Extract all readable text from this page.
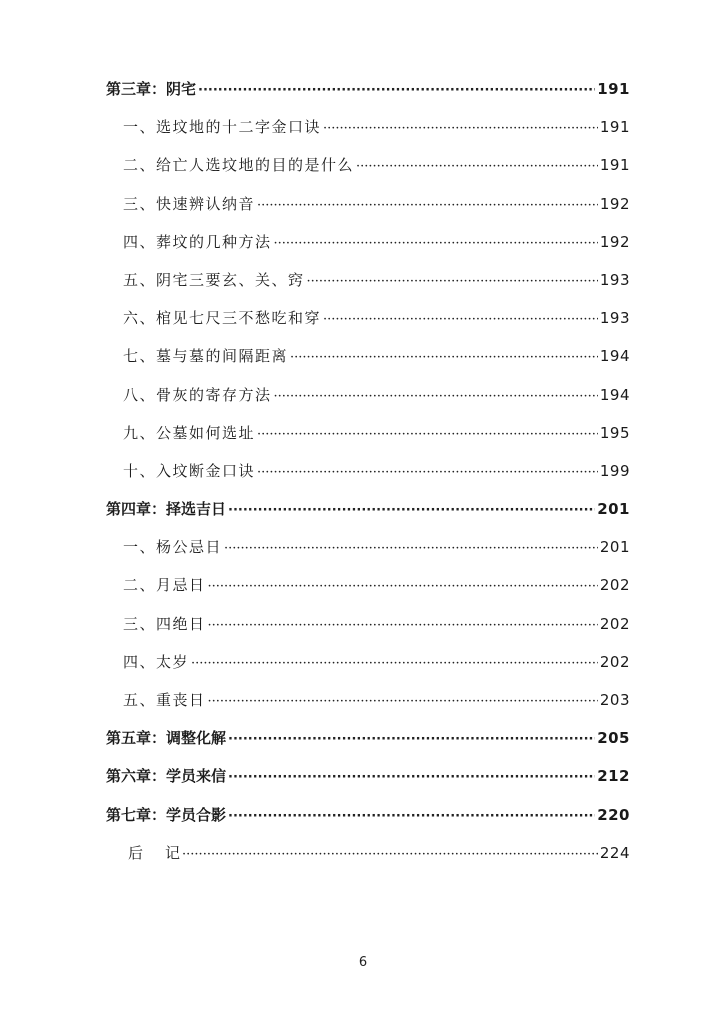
第三章：阴宅 ·····	191
一、选坟地的十二字金口诀 ·····	191
二、给亡人选坟地的目的是什么 ·····	191
三、快速辨认纳音 ·····	192
四、葬坟的几种方法 ·····	192
五、阴宅三要玄、关、窍 ·····	193
六、棺见七尺三不愁吃和穿 ·····	193
七、墓与墓的间隔距离 ·····	194
八、骨灰的寄存方法 ·····	194
九、公墓如何选址 ·····	195
十、入坟断金口诀 ·····	199
第四章：择选吉日 ·····	201
一、杨公忌日 ·····	201
二、月忌日 ·····	202
三、四绝日 ·····	202
四、太岁 ·····	202
五、重丧日 ·····	203
第五章：调整化解 ·····	205
第六章：学员来信 ·····	212
第七章：学员合影 ·····	220
后 记 ·····	224
6
